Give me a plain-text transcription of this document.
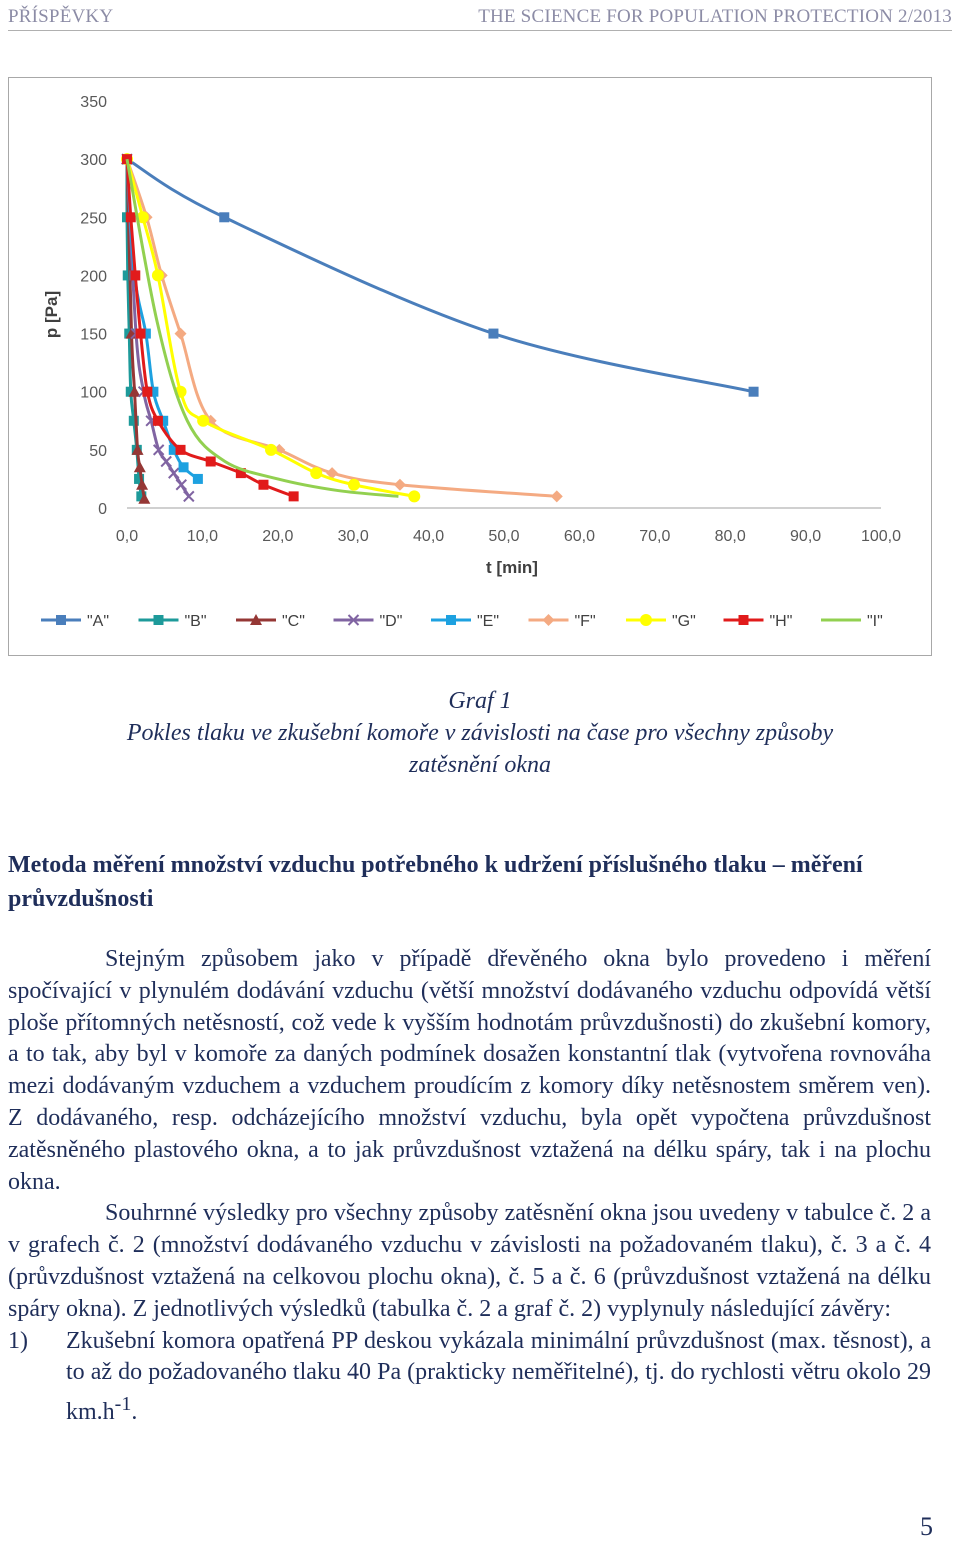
PŘÍSPĚVKY	THE SCIENCE FOR POPULATION PROTECTION 2/2013
0
50
100
150
200
250
300
350
0,0	10,0	20,0	30,0	40,0	50,0	60,0	70,0	80,0	90,0 100,0
t [min]
p [Pa]
"A"	"B"	"C"	"D"	"E"	"F"	"G"	"H"	"I"
Graf 1
Pokles tlaku ve zkušební komoře v závislosti na čase pro všechny způsoby
zatěsnění okna
Metoda měření množství vzduchu potřebného k udržení příslušného tlaku – měření průvzdušnosti

Stejným způsobem jako v případě dřevěného okna bylo provedeno i měření spočívající v plynulém dodávání vzduchu (větší množství dodávaného vzduchu odpovídá větší ploše přítomných netěsností, což vede k vyšším hodnotám průvzdušnosti) do zkušební komory, a to tak, aby byl v komoře za daných podmínek dosažen konstantní tlak (vytvořena rovnováha mezi dodávaným vzduchem a vzduchem proudícím z komory díky netěsnostem směrem ven). Z dodávaného, resp. odcházejícího množství vzduchu, byla opět vypočtena průvzdušnost zatěsněného plastového okna, a to jak průvzdušnost vztažená na délku spáry, tak i na plochu okna.

Souhrnné výsledky pro všechny způsoby zatěsnění okna jsou uvedeny v tabulce č. 2 a v grafech č. 2 (množství dodávaného vzduchu v závislosti na požadovaném tlaku), č. 3 a č. 4 (průvzdušnost vztažená na celkovou plochu okna), č. 5 a č. 6 (průvzdušnost vztažená na délku spáry okna). Z jednotlivých výsledků (tabulka č. 2 a graf č. 2) vyplynuly následující závěry:

1)	Zkušební komora opatřená PP deskou vykázala minimální průvzdušnost (max. těsnost), a to až do požadovaného tlaku 40 Pa (prakticky neměřitelné), tj. do rychlosti větru okolo 29 $km.h^{-1}$.
5
